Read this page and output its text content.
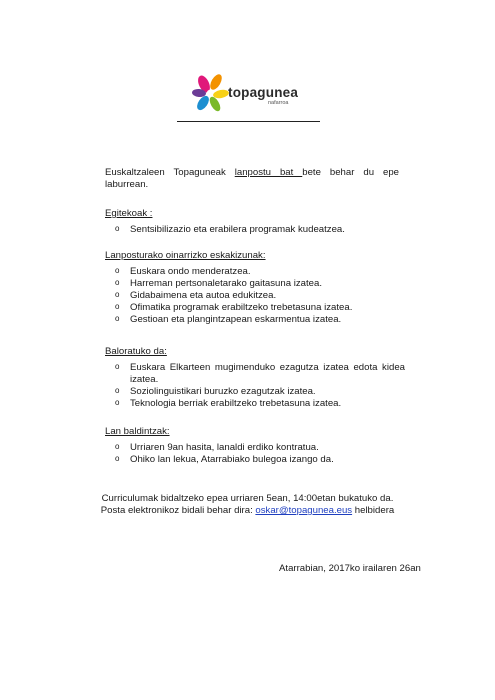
topagunea
nafarroa
Euskaltzaleen Topaguneak lanpostu bat bete behar du epe laburrean.
Egitekoak :
o Sentsibilizazio eta erabilera programak kudeatzea.
Lanposturako oinarrizko eskakizunak:
o Euskara ondo menderatzea.
o Harreman pertsonaletarako gaitasuna izatea.
o Gidabaimena eta autoa edukitzea.
o Ofimatika programak erabiltzeko trebetasuna izatea.
o Gestioan eta plangintzapean eskarmentua izatea.
Baloratuko da:
o Euskara Elkarteen mugimenduko ezagutza izatea edota kidea izatea.
o Soziolinguistikari buruzko ezagutzak izatea.
o Teknologia berriak erabiltzeko trebetasuna izatea.
Lan baldintzak:
o Urriaren 9an hasita, lanaldi erdiko kontratua.
o Ohiko lan lekua, Atarrabiako bulegoa izango da.
Curriculumak bidaltzeko epea urriaren 5ean, 14:00etan bukatuko da.
Posta elektronikoz bidali behar dira: oskar@topagunea.eus helbidera
Atarrabian, 2017ko irailaren 26an
